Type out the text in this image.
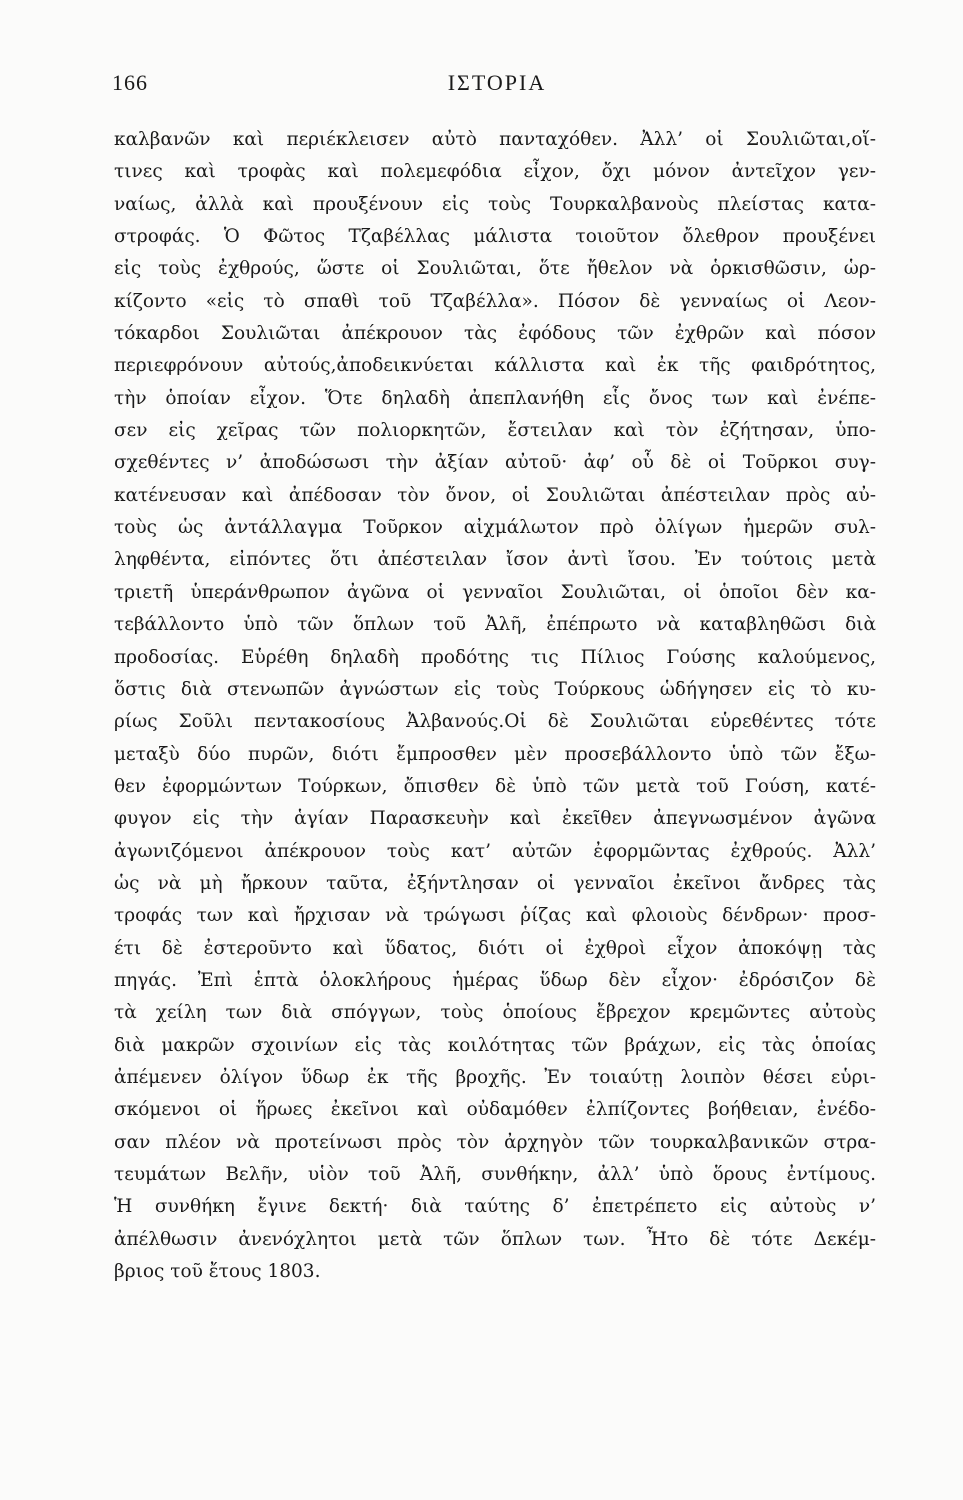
166	ΙΣΤΟΡΙΑ
καλβανῶν καὶ περιέκλεισεν αὐτὸ πανταχόθεν. Ἀλλ’ οἱ Σουλιῶται,οἵ-
τινες καὶ τροφὰς καὶ πολεμεφόδια εἶχον, ὄχι μόνον ἀντεῖχον γεν-
ναίως, ἀλλὰ καὶ προυξένουν εἰς τοὺς Τουρκαλβανοὺς πλείστας κατα-
στροφάς. Ὁ Φῶτος Τζαβέλλας μάλιστα τοιοῦτον ὄλεθρον προυξένει
εἰς τοὺς ἐχθρούς, ὥστε οἱ Σουλιῶται, ὅτε ἤθελον νὰ ὁρκισθῶσιν, ὡρ-
κίζοντο «εἰς τὸ σπαθὶ τοῦ Τζαβέλλα». Πόσον δὲ γενναίως οἱ Λεον-
τόκαρδοι Σουλιῶται ἀπέκρουον τὰς ἐφόδους τῶν ἐχθρῶν καὶ πόσον
περιεφρόνουν αὐτούς,ἀποδεικνύεται κάλλιστα καὶ ἐκ τῆς φαιδρότητος,
τὴν ὁποίαν εἶχον. Ὅτε δηλαδὴ ἀπεπλανήθη εἷς ὄνος των καὶ ἐνέπε-
σεν εἰς χεῖρας τῶν πολιορκητῶν, ἔστειλαν καὶ τὸν ἐζήτησαν, ὑπο-
σχεθέντες ν’ ἀποδώσωσι τὴν ἀξίαν αὐτοῦ· ἀφ’ οὗ δὲ οἱ Τοῦρκοι συγ-
κατένευσαν καὶ ἀπέδοσαν τὸν ὄνον, οἱ Σουλιῶται ἀπέστειλαν πρὸς αὐ-
τοὺς ὡς ἀντάλλαγμα Τοῦρκον αἰχμάλωτον πρὸ ὀλίγων ἡμερῶν συλ-
ληφθέντα, εἰπόντες ὅτι ἀπέστειλαν ἴσον ἀντὶ ἴσου. Ἐν τούτοις μετὰ
τριετῆ ὑπεράνθρωπον ἀγῶνα οἱ γενναῖοι Σουλιῶται, οἱ ὁποῖοι δὲν κα-
τεβάλλοντο ὑπὸ τῶν ὅπλων τοῦ Ἀλῆ, ἐπέπρωτο νὰ καταβληθῶσι διὰ
προδοσίας. Εὑρέθη δηλαδὴ προδότης τις Πίλιος Γούσης καλούμενος,
ὅστις διὰ στενωπῶν ἀγνώστων εἰς τοὺς Τούρκους ὡδήγησεν εἰς τὸ κυ-
ρίως Σοῦλι πεντακοσίους Ἀλβανούς.Οἱ δὲ Σουλιῶται εὑρεθέντες τότε
μεταξὺ δύο πυρῶν, διότι ἔμπροσθεν μὲν προσεβάλλοντο ὑπὸ τῶν ἔξω-
θεν ἐφορμώντων Τούρκων, ὄπισθεν δὲ ὑπὸ τῶν μετὰ τοῦ Γούση, κατέ-
φυγον εἰς τὴν ἁγίαν Παρασκευὴν καὶ ἐκεῖθεν ἀπεγνωσμένον ἀγῶνα
ἀγωνιζόμενοι ἀπέκρουον τοὺς κατ’ αὐτῶν ἐφορμῶντας ἐχθρούς. Ἀλλ’
ὡς νὰ μὴ ἤρκουν ταῦτα, ἐξήντλησαν οἱ γενναῖοι ἐκεῖνοι ἄνδρες τὰς
τροφάς των καὶ ἤρχισαν νὰ τρώγωσι ῥίζας καὶ φλοιοὺς δένδρων· προσ-
έτι δὲ ἐστεροῦντο καὶ ὕδατος, διότι οἱ ἐχθροὶ εἶχον ἀποκόψῃ τὰς
πηγάς. Ἐπὶ ἑπτὰ ὁλοκλήρους ἡμέρας ὕδωρ δὲν εἶχον· ἐδρόσιζον δὲ
τὰ χείλη των διὰ σπόγγων, τοὺς ὁποίους ἔβρεχον κρεμῶντες αὐτοὺς
διὰ μακρῶν σχοινίων εἰς τὰς κοιλότητας τῶν βράχων, εἰς τὰς ὁποίας
ἀπέμενεν ὀλίγον ὕδωρ ἐκ τῆς βροχῆς. Ἐν τοιαύτῃ λοιπὸν θέσει εὑρι-
σκόμενοι οἱ ἥρωες ἐκεῖνοι καὶ οὐδαμόθεν ἐλπίζοντες βοήθειαν, ἐνέδο-
σαν πλέον νὰ προτείνωσι πρὸς τὸν ἀρχηγὸν τῶν τουρκαλβανικῶν στρα-
τευμάτων Βελῆν, υἱὸν τοῦ Ἀλῆ, συνθήκην, ἀλλ’ ὑπὸ ὅρους ἐντίμους.
Ἡ συνθήκη ἔγινε δεκτή· διὰ ταύτης δ’ ἐπετρέπετο εἰς αὐτοὺς ν’
ἀπέλθωσιν ἀνενόχλητοι μετὰ τῶν ὅπλων των. Ἦτο δὲ τότε Δεκέμ-
βριος τοῦ ἔτους 1803.
